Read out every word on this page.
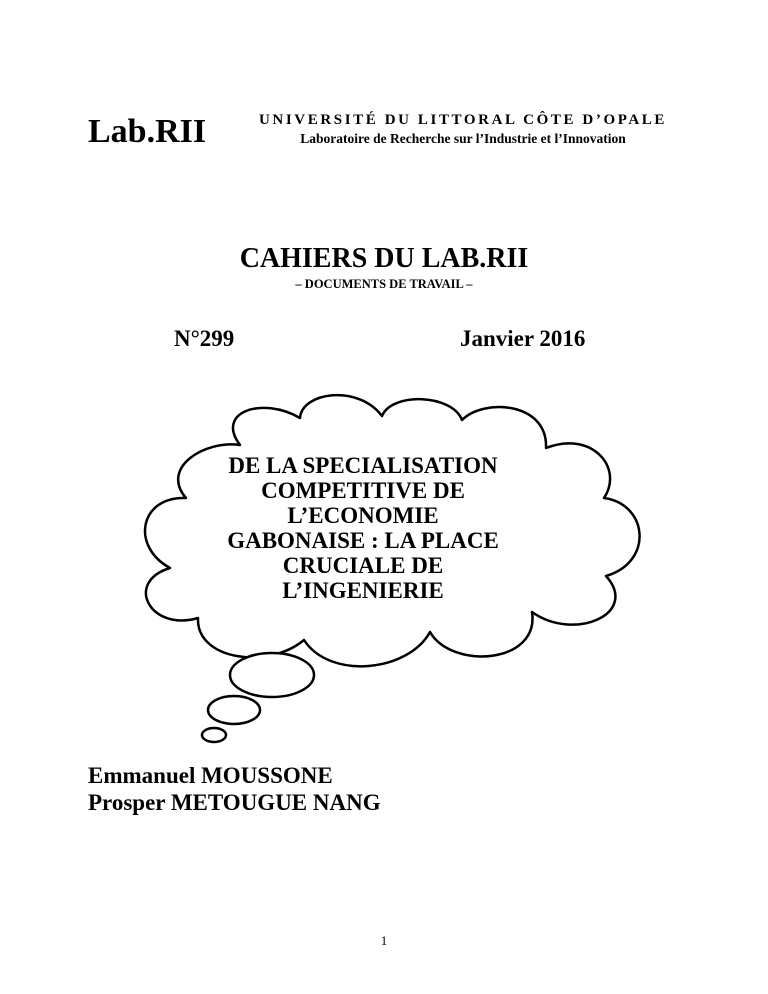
Lab.RII	UNIVERSITÉ DU LITTORAL CÔTE D’OPALE
Laboratoire de Recherche sur l’Industrie et l’Innovation
CAHIERS DU LAB.RII
– DOCUMENTS DE TRAVAIL –
N°299	Janvier 2016
DE LA SPECIALISATION
COMPETITIVE DE
L’ECONOMIE
GABONAISE : LA PLACE
CRUCIALE DE
L’INGENIERIE
Emmanuel MOUSSONE
Prosper METOUGUE NANG
1
